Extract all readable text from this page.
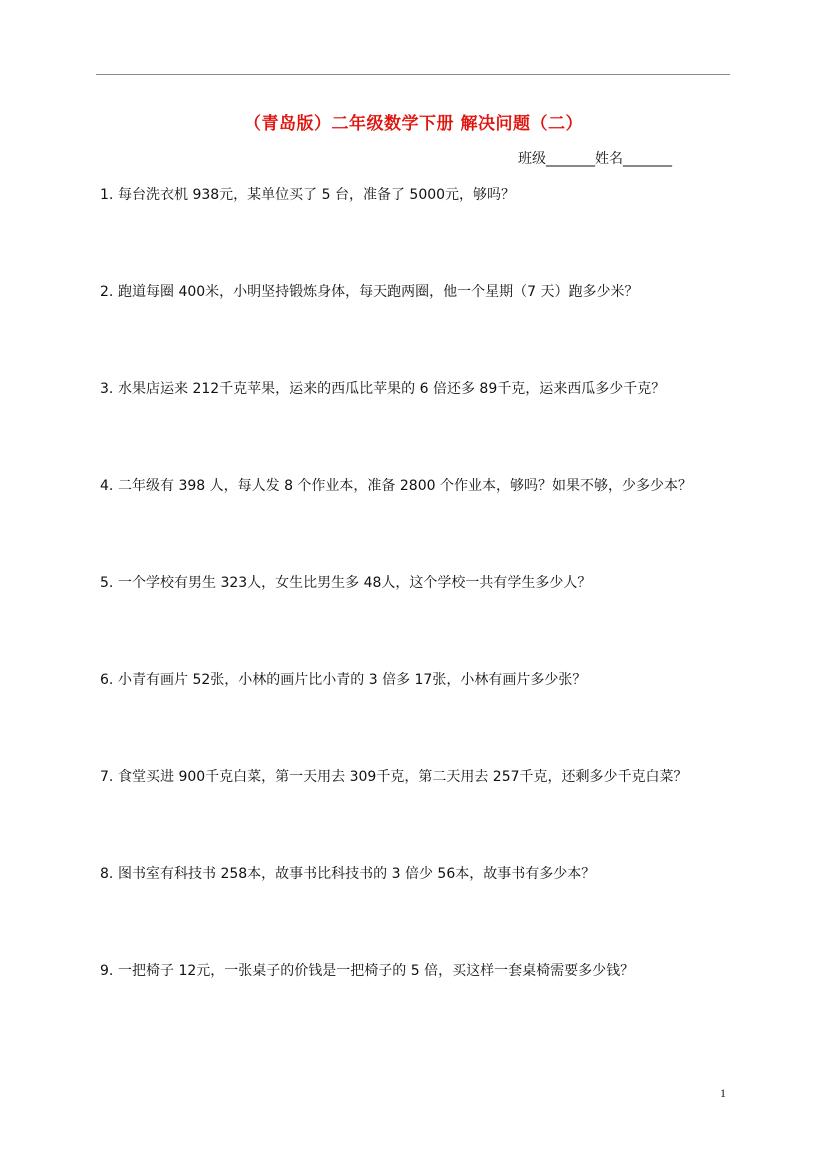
（青岛版）二年级数学下册 解决问题（二）
班级_______姓名_______
1. 每台洗衣机 938元，某单位买了 5 台，准备了 5000元，够吗？
2. 跑道每圈 400米，小明坚持锻炼身体，每天跑两圈，他一个星期（7 天）跑多少米？
3. 水果店运来 212千克苹果，运来的西瓜比苹果的 6 倍还多 89千克，运来西瓜多少千克？
4. 二年级有 398 人，每人发 8 个作业本，准备 2800 个作业本，够吗？如果不够，少多少本？
5. 一个学校有男生 323人，女生比男生多 48人，这个学校一共有学生多少人？
6. 小青有画片 52张，小林的画片比小青的 3 倍多 17张，小林有画片多少张？
7. 食堂买进 900千克白菜，第一天用去 309千克，第二天用去 257千克，还剩多少千克白菜？
8. 图书室有科技书 258本，故事书比科技书的 3 倍少 56本，故事书有多少本？
9. 一把椅子 12元，一张桌子的价钱是一把椅子的 5 倍，买这样一套桌椅需要多少钱？
1
